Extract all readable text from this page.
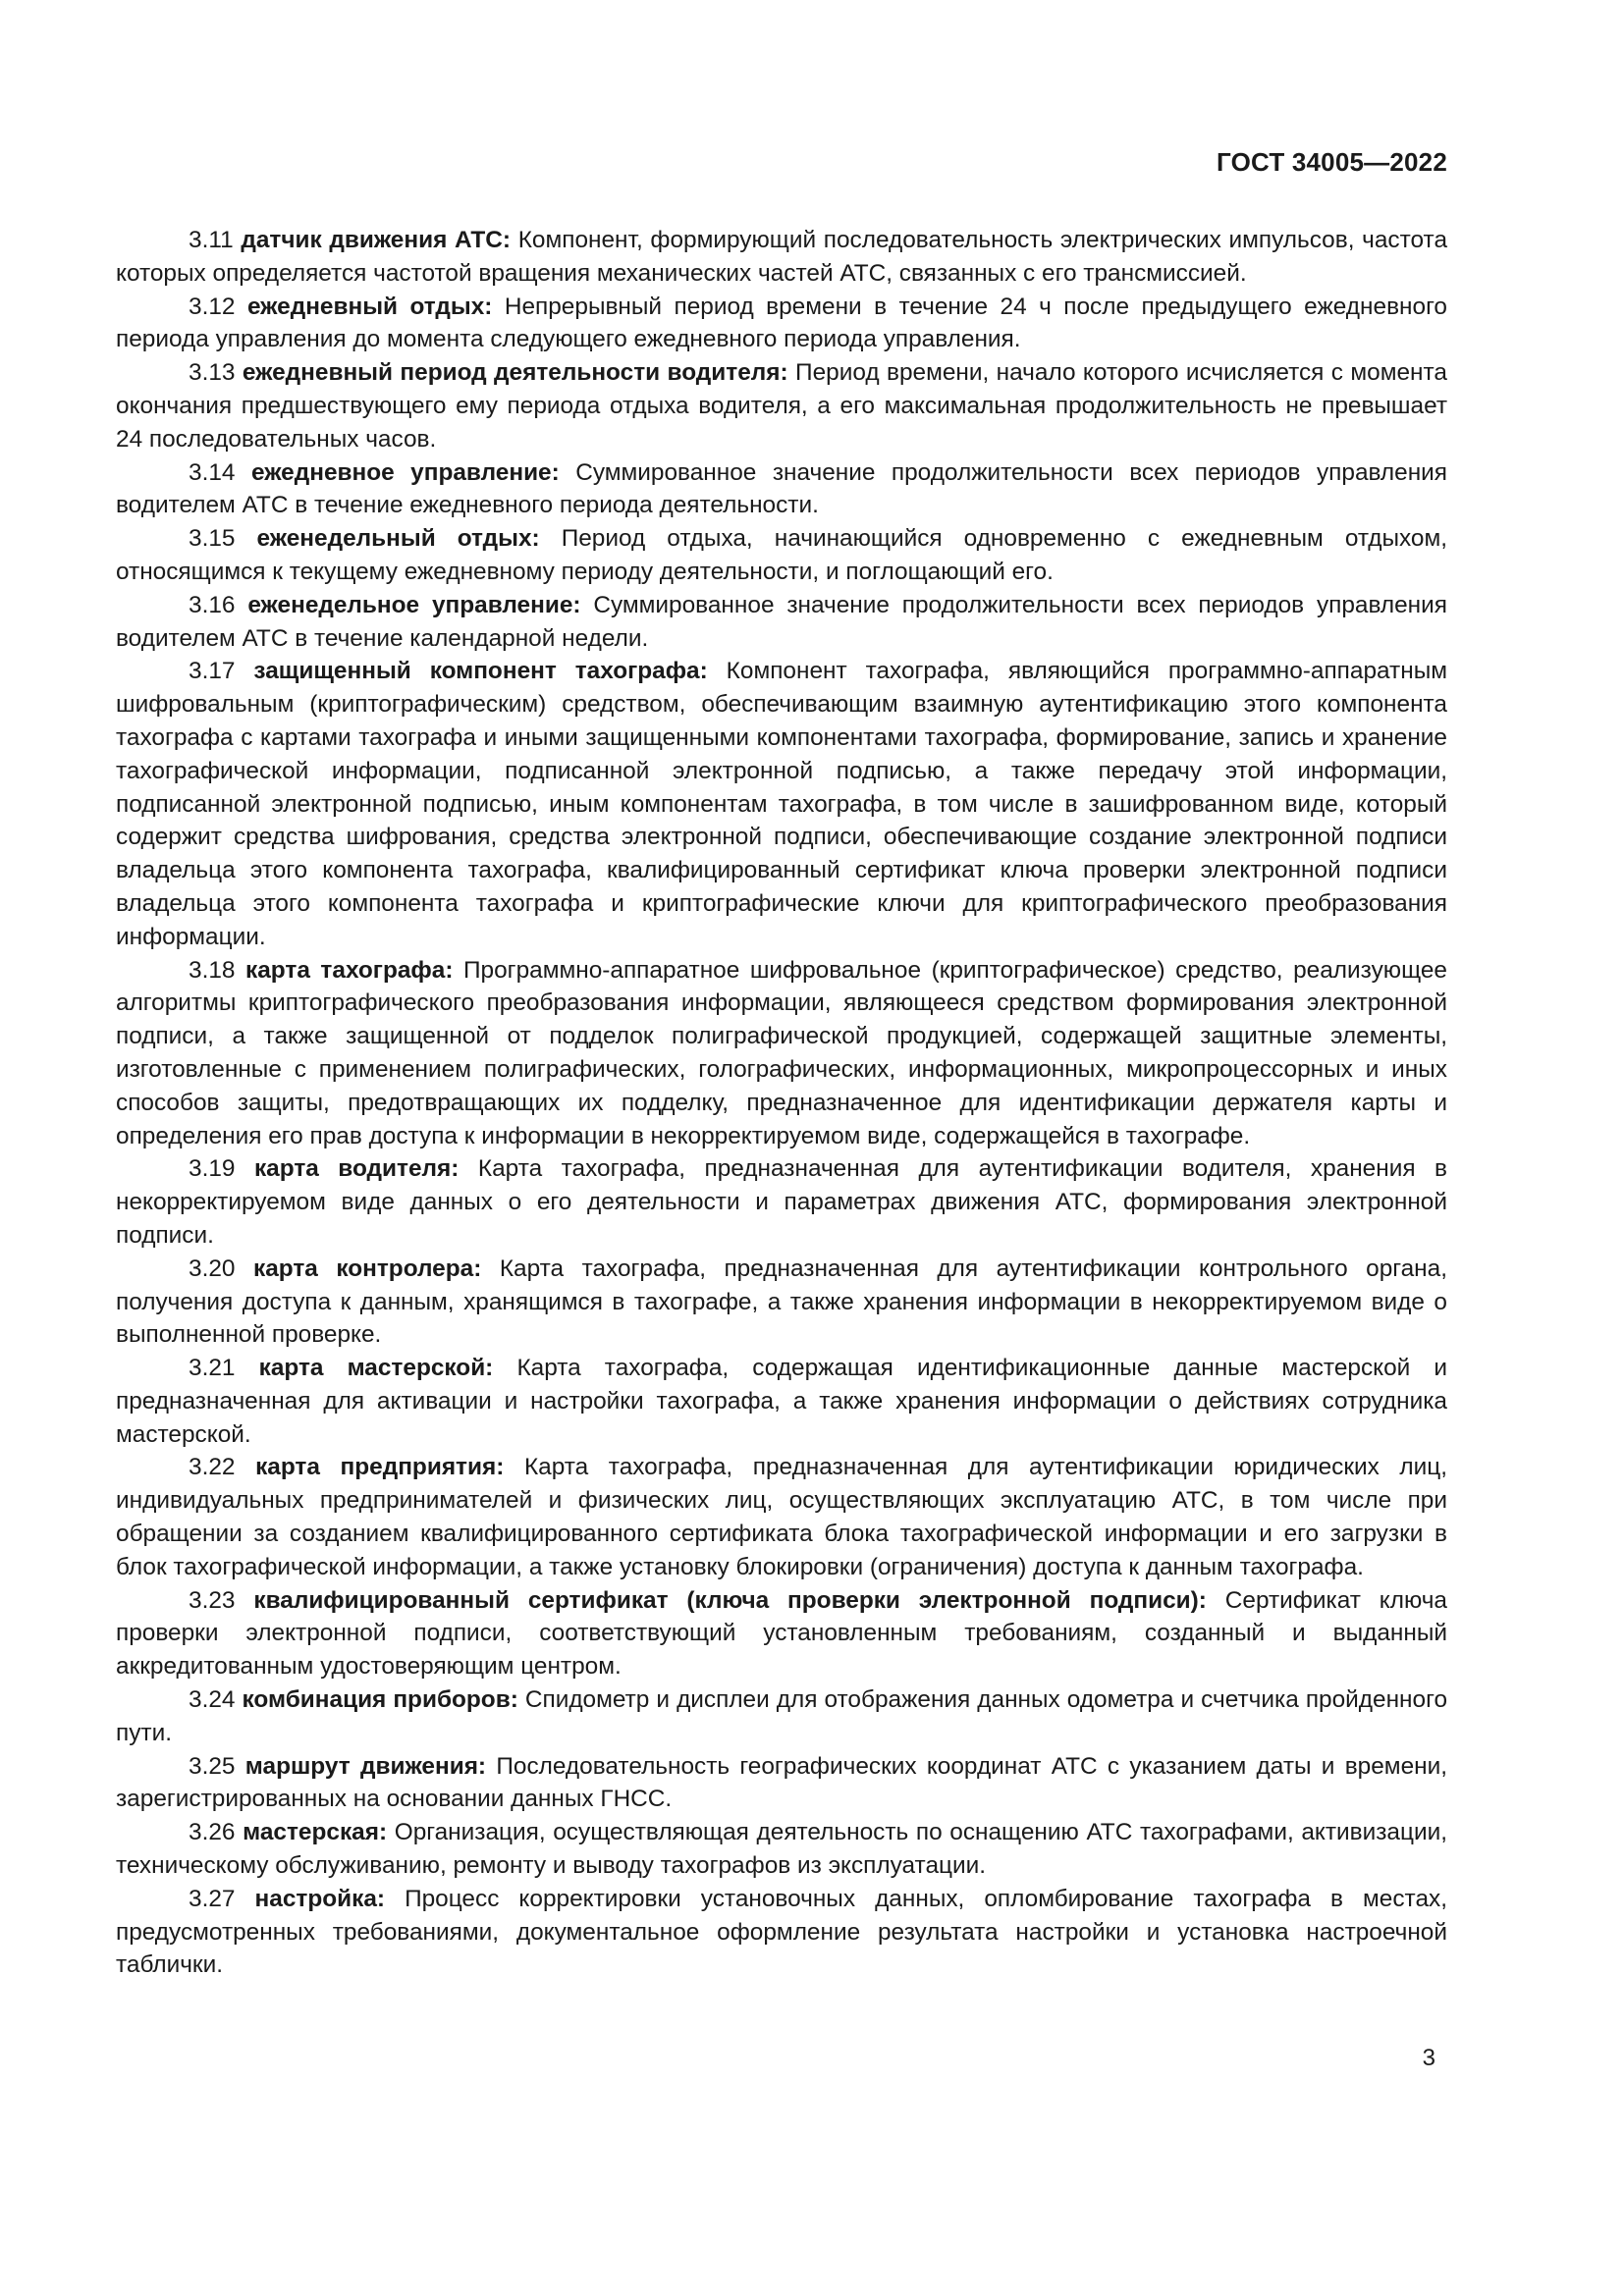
ГОСТ 34005—2022

3.11 датчик движения АТС: Компонент, формирующий последовательность электрических импульсов, частота которых определяется частотой вращения механических частей АТС, связанных с его трансмиссией.

3.12 ежедневный отдых: Непрерывный период времени в течение 24 ч после предыдущего ежедневного периода управления до момента следующего ежедневного периода управления.

3.13 ежедневный период деятельности водителя: Период времени, начало которого исчисляется с момента окончания предшествующего ему периода отдыха водителя, а его максимальная продолжительность не превышает 24 последовательных часов.

3.14 ежедневное управление: Суммированное значение продолжительности всех периодов управления водителем АТС в течение ежедневного периода деятельности.

3.15 еженедельный отдых: Период отдыха, начинающийся одновременно с ежедневным отдыхом, относящимся к текущему ежедневному периоду деятельности, и поглощающий его.

3.16 еженедельное управление: Суммированное значение продолжительности всех периодов управления водителем АТС в течение календарной недели.

3.17 защищенный компонент тахографа: Компонент тахографа, являющийся программно-аппаратным шифровальным (криптографическим) средством, обеспечивающим взаимную аутентификацию этого компонента тахографа с картами тахографа и иными защищенными компонентами тахографа, формирование, запись и хранение тахографической информации, подписанной электронной подписью, а также передачу этой информации, подписанной электронной подписью, иным компонентам тахографа, в том числе в зашифрованном виде, который содержит средства шифрования, средства электронной подписи, обеспечивающие создание электронной подписи владельца этого компонента тахографа, квалифицированный сертификат ключа проверки электронной подписи владельца этого компонента тахографа и криптографические ключи для криптографического преобразования информации.

3.18 карта тахографа: Программно-аппаратное шифровальное (криптографическое) средство, реализующее алгоритмы криптографического преобразования информации, являющееся средством формирования электронной подписи, а также защищенной от подделок полиграфической продукцией, содержащей защитные элементы, изготовленные с применением полиграфических, голографических, информационных, микропроцессорных и иных способов защиты, предотвращающих их подделку, предназначенное для идентификации держателя карты и определения его прав доступа к информации в некорректируемом виде, содержащейся в тахографе.

3.19 карта водителя: Карта тахографа, предназначенная для аутентификации водителя, хранения в некорректируемом виде данных о его деятельности и параметрах движения АТС, формирования электронной подписи.

3.20 карта контролера: Карта тахографа, предназначенная для аутентификации контрольного органа, получения доступа к данным, хранящимся в тахографе, а также хранения информации в некорректируемом виде о выполненной проверке.

3.21 карта мастерской: Карта тахографа, содержащая идентификационные данные мастерской и предназначенная для активации и настройки тахографа, а также хранения информации о действиях сотрудника мастерской.

3.22 карта предприятия: Карта тахографа, предназначенная для аутентификации юридических лиц, индивидуальных предпринимателей и физических лиц, осуществляющих эксплуатацию АТС, в том числе при обращении за созданием квалифицированного сертификата блока тахографической информации и его загрузки в блок тахографической информации, а также установку блокировки (ограничения) доступа к данным тахографа.

3.23 квалифицированный сертификат (ключа проверки электронной подписи): Сертификат ключа проверки электронной подписи, соответствующий установленным требованиям, созданный и выданный аккредитованным удостоверяющим центром.

3.24 комбинация приборов: Спидометр и дисплеи для отображения данных одометра и счетчика пройденного пути.

3.25 маршрут движения: Последовательность географических координат АТС с указанием даты и времени, зарегистрированных на основании данных ГНСС.

3.26 мастерская: Организация, осуществляющая деятельность по оснащению АТС тахографами, активизации, техническому обслуживанию, ремонту и выводу тахографов из эксплуатации.

3.27 настройка: Процесс корректировки установочных данных, опломбирование тахографа в местах, предусмотренных требованиями, документальное оформление результата настройки и установка настроечной таблички.

3
